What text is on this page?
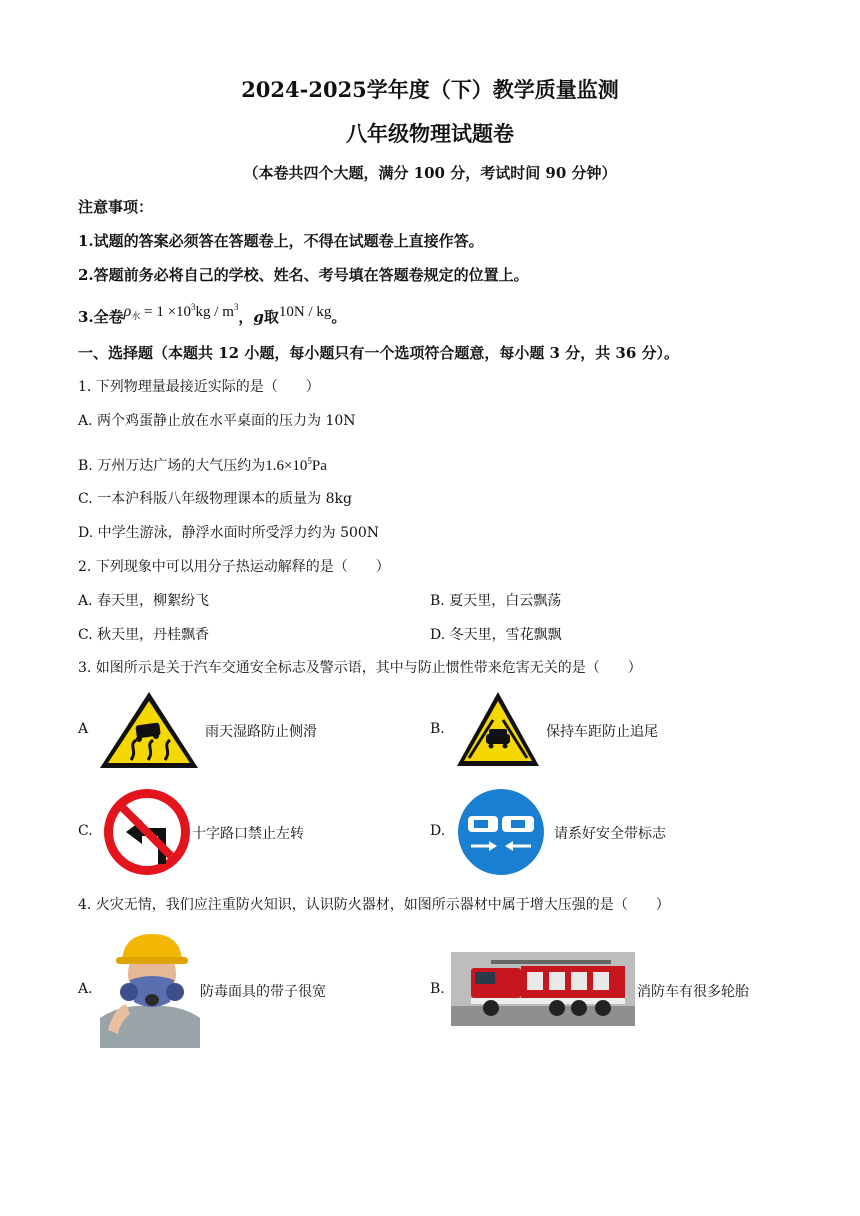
2024-2025学年度（下）教学质量监测
八年级物理试题卷
（本卷共四个大题，满分 100 分，考试时间 90 分钟）
注意事项：
1.试题的答案必须答在答题卷上，不得在试题卷上直接作答。
2.答题前务必将自己的学校、姓名、考号填在答题卷规定的位置上。
3.全卷$\rho_水 = 1 \times 10^3kg / m^3$，g取10N / kg。
一、选择题（本题共 12 小题，每小题只有一个选项符合题意，每小题 3 分，共 36 分）。
1. 下列物理量最接近实际的是（　　）
A. 两个鸡蛋静止放在水平桌面的压力为 10N
B. 万州万达广场的大气压约为$1.6\times 10^5Pa$
C. 一本沪科版八年级物理课本的质量为 8kg
D. 中学生游泳，静浮水面时所受浮力约为 500N
2. 下列现象中可以用分子热运动解释的是（　　）
A. 春天里，柳絮纷飞	B. 夏天里，白云飘荡
C. 秋天里，丹桂飘香	D. 冬天里，雪花飘飘
3. 如图所示是关于汽车交通安全标志及警示语，其中与防止惯性带来危害无关的是（　　）
A	雨天湿路防止侧滑	B.	保持车距防止追尾
C.	十字路口禁止左转	D.	请系好安全带标志
4. 火灾无情，我们应注重防火知识，认识防火器材，如图所示器材中属于增大压强的是（　　）
A.	防毒面具的带子很宽	B.	消防车有很多轮胎
